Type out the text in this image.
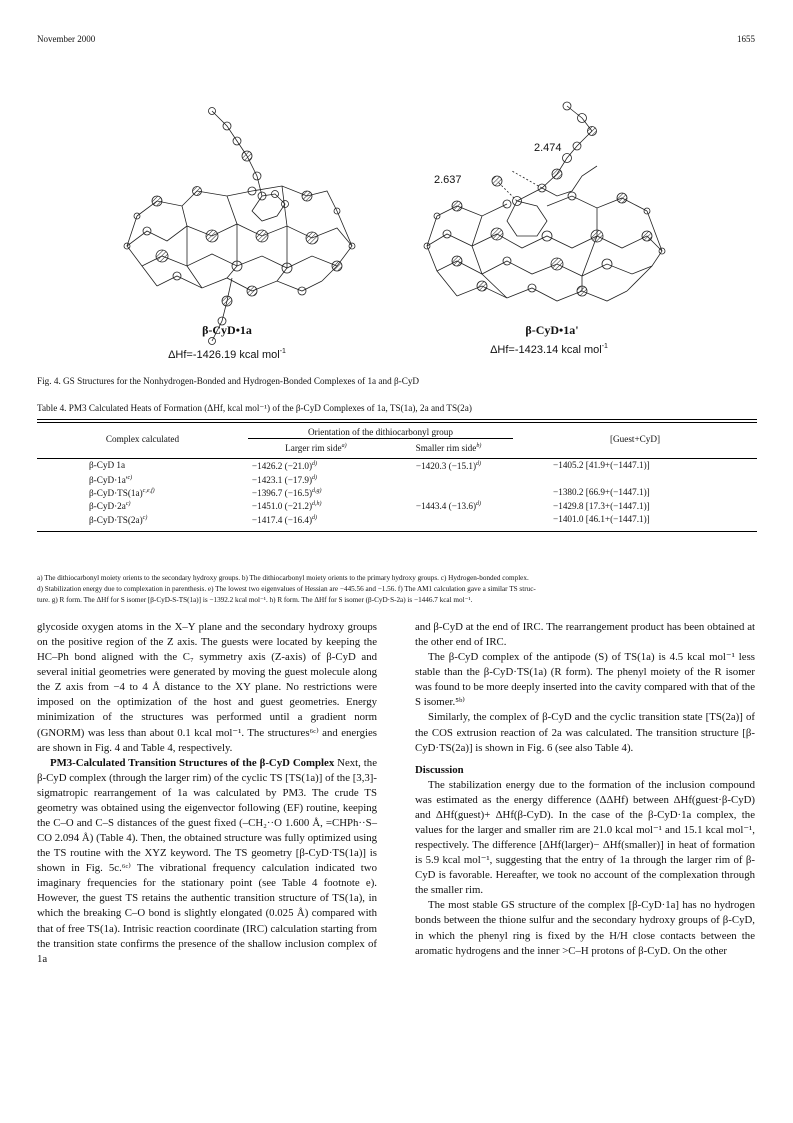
November 2000	1655
2.474
2.637
β-CyD•1a	β-CyD•1a'
ΔHf=-1426.19 kcal mol$^{-1}$	ΔHf=-1423.14 kcal mol$^{-1}$
Fig. 4. GS Structures for the Nonhydrogen-Bonded and Hydrogen-Bonded Complexes of 1a and β-CyD
Table 4. PM3 Calculated Heats of Formation (ΔHf, kcal mol⁻¹) of the β-CyD Complexes of 1a, TS(1a), 2a and TS(2a)
Complex calculated	Orientation of the dithiocarbonyl group		[Guest+CyD]
	Larger rim side$^{a)}$	Smaller rim side$^{b)}$

β-CyD 1a	−1426.2 $(-21.0)^{d)}$	−1420.3 $(-15.1)^{d)}$	−1405.2 [41.9+(−1447.1)]
$\beta-CyD\cdot 1a'^{c)}$	−1423.1 $(-17.9)^{d)}$		
$\beta-CyD\cdot TS(1a)^{c,e,f)}$	−1396.7 $(-16.5)^{d,g)}$		−1380.2 [66.9+(−1447.1)]
$\beta-CyD\cdot 2a^{c)}$	−1451.0 $(-21.2)^{d,h)}$	−1443.4 $(-13.6)^{d)}$	−1429.8 [17.3+(−1447.1)]
$\beta-CyD\cdot TS(2a)^{c)}$	−1417.4 $(-16.4)^{d)}$		−1401.0 [46.1+(−1447.1)]

a) The dithiocarbonyl moiety orients to the secondary hydroxy groups. b) The dithiocarbonyl moiety orients to the primary hydroxy groups. c) Hydrogen-bonded complex.
d) Stabilization energy due to complexation in parenthesis. e) The lowest two eigenvalues of Hessian are −445.56 and −1.56. f) The AM1 calculation gave a similar TS struc-
ture. g) R form. The ΔHf for S isomer [β-CyD-S-TS(1a)] is −1392.2 kcal mol⁻¹. h) R form. The ΔHf for S isomer (β-CyD·S-2a) is −1446.7 kcal mol⁻¹.

glycoside oxygen atoms in the X–Y plane and the secondary hydroxy groups on the positive region of the Z axis. The guests were located by keeping the HC–Ph bond aligned with the C₇ symmetry axis (Z-axis) of β-CyD and several initial geometries were generated by moving the guest molecule along the Z axis from −4 to 4 Å distance to the XY plane. No restrictions were imposed on the optimization of the host and guest geometries. Energy minimization of the structures was performed until a gradient norm (GNORM) was less than about 0.1 kcal mol⁻¹. The structures⁶ᶜ⁾ and energies are shown in Fig. 4 and Table 4, respectively.

PM3-Calculated Transition Structures of the β-CyD Complex Next, the β-CyD complex (through the larger rim) of the cyclic TS [TS(1a)] of the [3,3]-sigmatropic rearrangement of 1a was calculated by PM3. The crude TS geometry was obtained using the eigenvector following (EF) routine, keeping the C–O and C–S distances of the guest fixed (–CH₂··O 1.600 Å, =CHPh··S–CO 2.094 Å) (Table 4). Then, the obtained structure was fully optimized using the TS routine with the XYZ keyword. The TS geometry [β-CyD·TS(1a)] is shown in Fig. 5c.⁶ᶜ⁾ The vibrational frequency calculation indicated two imaginary frequencies for the stationary point (see Table 4 footnote e). However, the guest TS retains the authentic transition structure of TS(1a), in which the breaking C–O bond is slightly elongated (0.025 Å) compared with that of free TS(1a). Intrisic reaction coordinate (IRC) calculation starting from the transition state confirms the presence of the shallow inclusion complex of 1a

and β-CyD at the end of IRC. The rearrangement product has been obtained at the other end of IRC.

The β-CyD complex of the antipode (S) of TS(1a) is 4.5 kcal mol⁻¹ less stable than the β-CyD·TS(1a) (R form). The phenyl moiety of the R isomer was found to be more deeply inserted into the cavity compared with that of the S isomer.⁵ᵇ⁾

Similarly, the complex of β-CyD and the cyclic transition state [TS(2a)] of the COS extrusion reaction of 2a was calculated. The transition structure [β-CyD·TS(2a)] is shown in Fig. 6 (see also Table 4).

Discussion

The stabilization energy due to the formation of the inclusion compound was estimated as the energy difference (ΔΔHf) between ΔHf(guest·β-CyD) and ΔHf(guest)+ ΔHf(β-CyD). In the case of the β-CyD·1a complex, the values for the larger and smaller rim are 21.0 kcal mol⁻¹ and 15.1 kcal mol⁻¹, respectively. The difference [ΔHf(larger)− ΔHf(smaller)] in heat of formation is 5.9 kcal mol⁻¹, suggesting that the entry of 1a through the larger rim of β-CyD is favorable. Hereafter, we took no account of the complexation through the smaller rim.

The most stable GS structure of the complex [β-CyD·1a] has no hydrogen bonds between the thione sulfur and the secondary hydroxy groups of β-CyD, in which the phenyl ring is fixed by the H/H close contacts between the aromatic hydrogens and the inner >C–H protons of β-CyD. On the other
